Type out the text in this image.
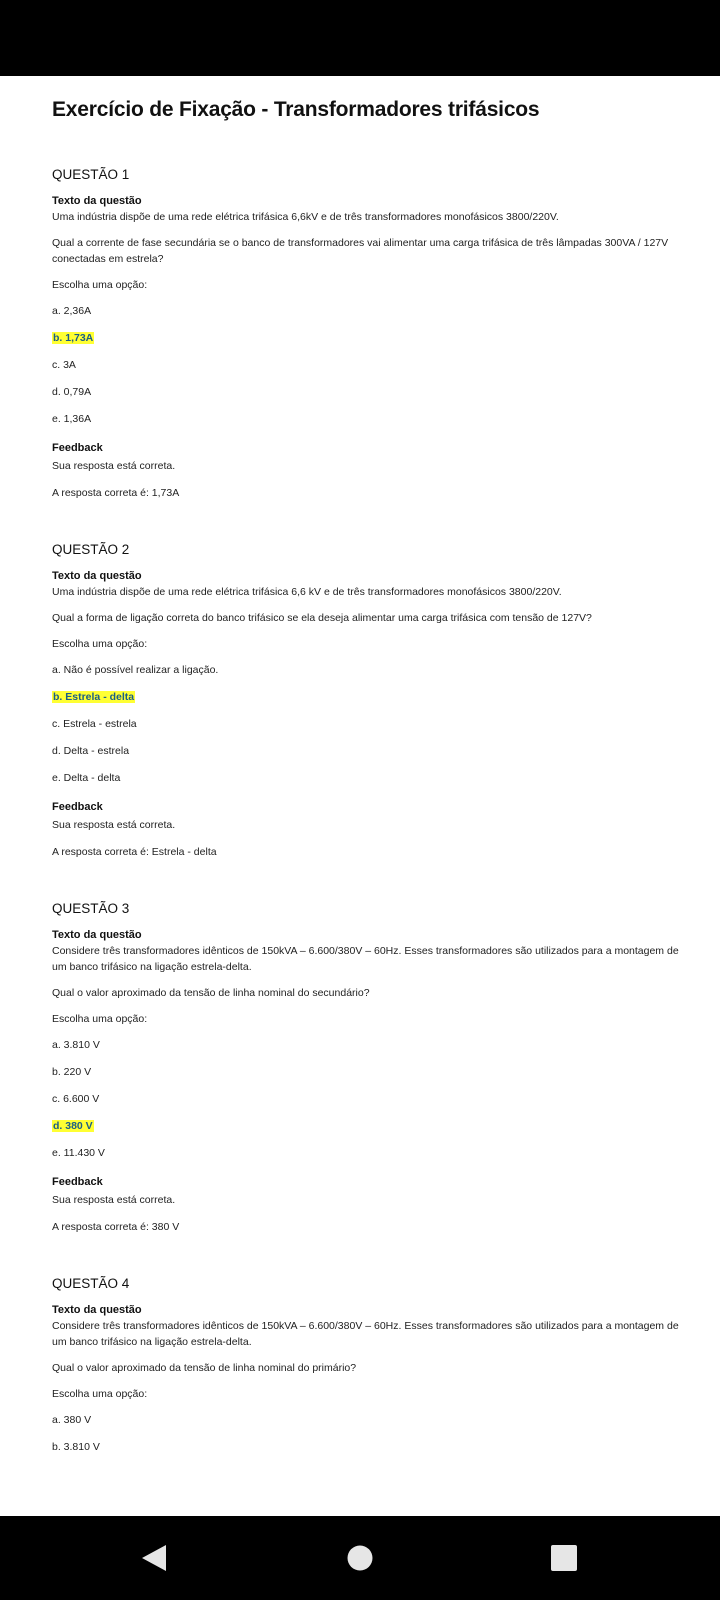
Exercício de Fixação - Transformadores trifásicos
QUESTÃO 1
Texto da questão
Uma indústria dispõe de uma rede elétrica trifásica 6,6kV e de três transformadores monofásicos 3800/220V.
Qual a corrente de fase secundária se o banco de transformadores vai alimentar uma carga trifásica de três lâmpadas 300VA / 127V conectadas em estrela?
Escolha uma opção:
a. 2,36A
b. 1,73A
c. 3A
d. 0,79A
e. 1,36A
Feedback
Sua resposta está correta.
A resposta correta é: 1,73A
QUESTÃO 2
Texto da questão
Uma indústria dispõe de uma rede elétrica trifásica 6,6 kV e de três transformadores monofásicos 3800/220V.
Qual a forma de ligação correta do banco trifásico se ela deseja alimentar uma carga trifásica com tensão de 127V?
Escolha uma opção:
a. Não é possível realizar a ligação.
b. Estrela - delta
c. Estrela - estrela
d. Delta - estrela
e. Delta - delta
Feedback
Sua resposta está correta.
A resposta correta é: Estrela - delta
QUESTÃO 3
Texto da questão
Considere três transformadores idênticos de 150kVA – 6.600/380V – 60Hz. Esses transformadores são utilizados para a montagem de um banco trifásico na ligação estrela-delta.
Qual o valor aproximado da tensão de linha nominal do secundário?
Escolha uma opção:
a. 3.810 V
b. 220 V
c. 6.600 V
d. 380 V
e. 11.430 V
Feedback
Sua resposta está correta.
A resposta correta é: 380 V
QUESTÃO 4
Texto da questão
Considere três transformadores idênticos de 150kVA – 6.600/380V – 60Hz. Esses transformadores são utilizados para a montagem de um banco trifásico na ligação estrela-delta.
Qual o valor aproximado da tensão de linha nominal do primário?
Escolha uma opção:
a. 380 V
b. 3.810 V
